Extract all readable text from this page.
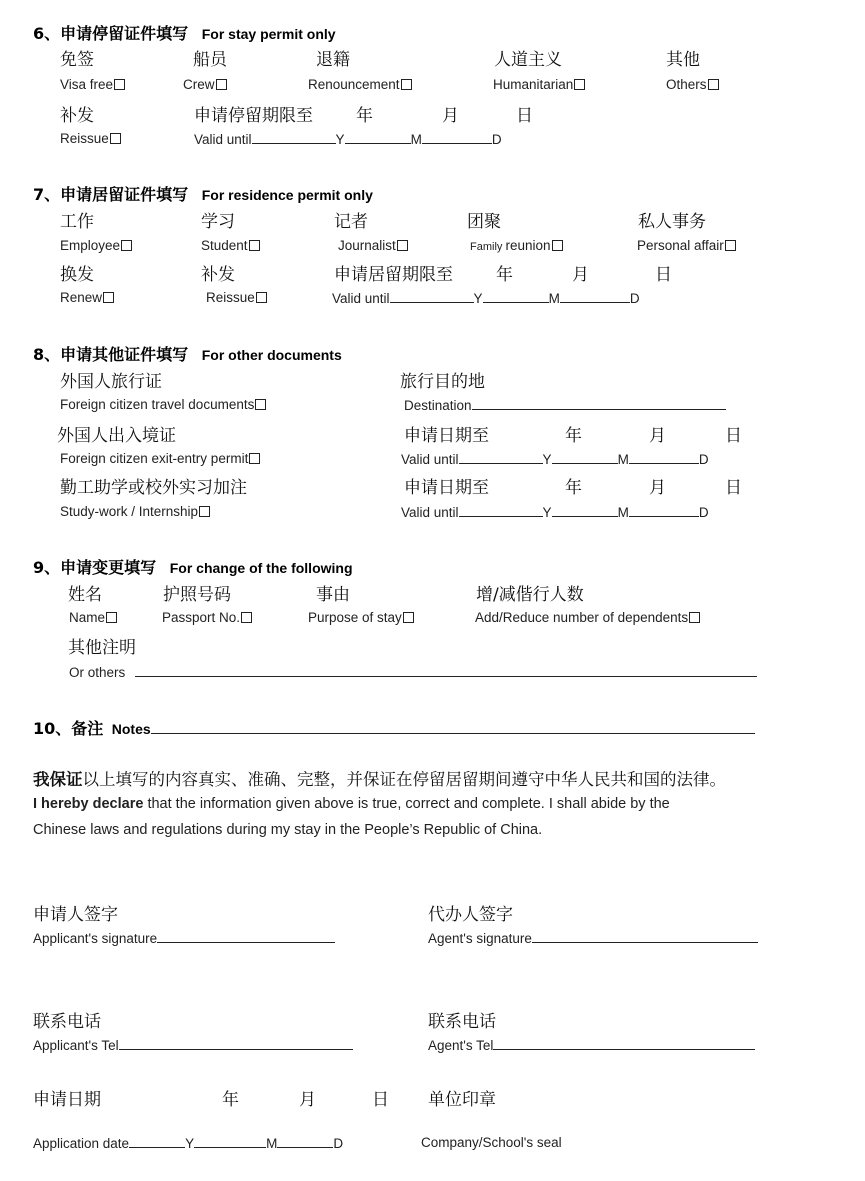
6、申请停留证件填写 For stay permit only
免签	船员	退籍	人道主义	其他
Visa free	Crew	Renouncement	Humanitarian	Others
补发	申请停留期限至	年	月	日
Reissue	Valid until	Y	M	D
7、申请居留证件填写 For residence permit only
工作	学习	记者	团聚	私人事务
Employee	Student	Journalist	Family reunion	Personal affair
换发	补发	申请居留期限至	年	月	日
Renew	Reissue	Valid until	Y	M	D
8、申请其他证件填写 For other documents
外国人旅行证	旅行目的地
Foreign citizen travel documents	Destination
外国人出入境证	申请日期至	年	月	日
Foreign citizen exit-entry permit	Valid until	Y	M	D
勤工助学或校外实习加注	申请日期至	年	月	日
Study-work / Internship	Valid until	Y	M	D
9、申请变更填写 For change of the following
姓名	护照号码	事由	增/减偕行人数
Name	Passport No.	Purpose of stay	Add/Reduce number of dependents
其他注明
Or others
10、备注 Notes
我保证以上填写的内容真实、准确、完整，并保证在停留居留期间遵守中华人民共和国的法律。
I hereby declare that the information given above is true, correct and complete. I shall abide by the
Chinese laws and regulations during my stay in the People’s Republic of China.
申请人签字
Applicant's signature
代办人签字
Agent's signature
联系电话
Applicant's Tel
联系电话
Agent's Tel
申请日期	年	月	日 单位印章
Application date	Y	M	D	Company/School's seal
